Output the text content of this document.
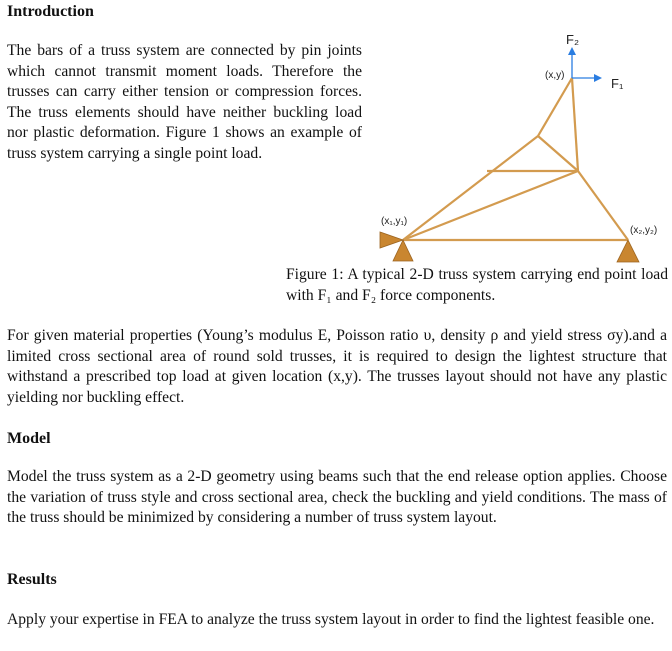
Introduction
The bars of a truss system are connected by pin joints which cannot transmit moment loads. Therefore the trusses can carry either tension or compression forces. The truss elements should have neither buckling load nor plastic deformation. Figure 1 shows an example of truss system carrying a single point load.
F₂
F₁
(x,y)
(x₁,y₁)
(x₂,y₂)
Figure 1: A typical 2-D truss system carrying end point load with F₁ and F₂ force components.
For given material properties (Young’s modulus E, Poisson ratio υ, density ρ and yield stress σy).and a limited cross sectional area of round sold trusses, it is required to design the lightest structure that withstand a prescribed top load at given location (x,y). The trusses layout should not have any plastic yielding nor buckling effect.
Model
Model the truss system as a 2-D geometry using beams such that the end release option applies. Choose the variation of truss style and cross sectional area, check the buckling and yield conditions. The mass of the truss should be minimized by considering a number of truss system layout.
Results
Apply your expertise in FEA to analyze the truss system layout in order to find the lightest feasible one.
